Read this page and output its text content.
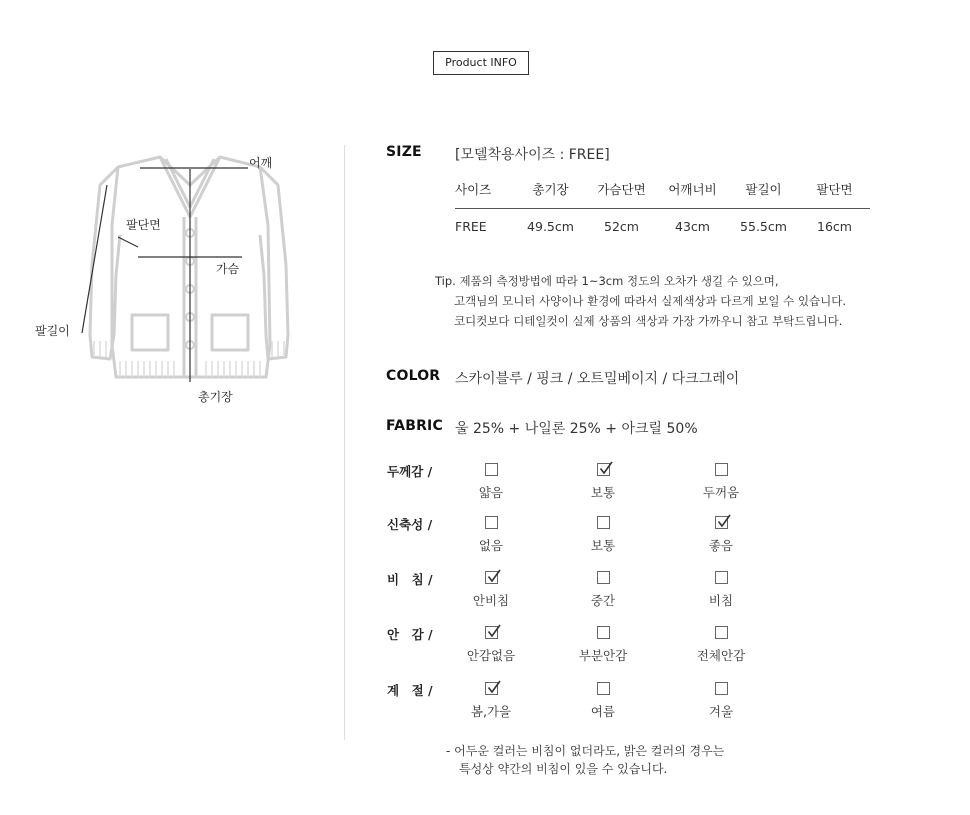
Product INFO
어깨
팔단면
가슴
팔길이
총기장
SIZE [모델착용사이즈 : FREE]
사이즈	총기장	가슴단면	어깨너비	팔길이	팔단면
FREE	49.5cm	52cm	43cm	55.5cm	16cm
Tip. 제품의 측정방법에 따라 1~3cm 정도의 오차가 생길 수 있으며,
고객님의 모니터 사양이나 환경에 따라서 실제색상과 다르게 보일 수 있습니다.
코디컷보다 디테일컷이 실제 상품의 색상과 가장 가까우니 참고 부탁드립니다.
COLOR 스카이블루 / 핑크 / 오트밀베이지 / 다크그레이
FABRIC 울 25% + 나일론 25% + 아크릴 50%
두께감 /
얇음	보통	두꺼움
신축성 /
없음	보통	좋음
비　침 /
안비침	중간	비침
안　감 /
안감없음	부분안감	전체안감
계　절 /
봄,가을	여름	겨울
- 어두운 컬러는 비침이 없더라도, 밝은 컬러의 경우는
특성상 약간의 비침이 있을 수 있습니다.
